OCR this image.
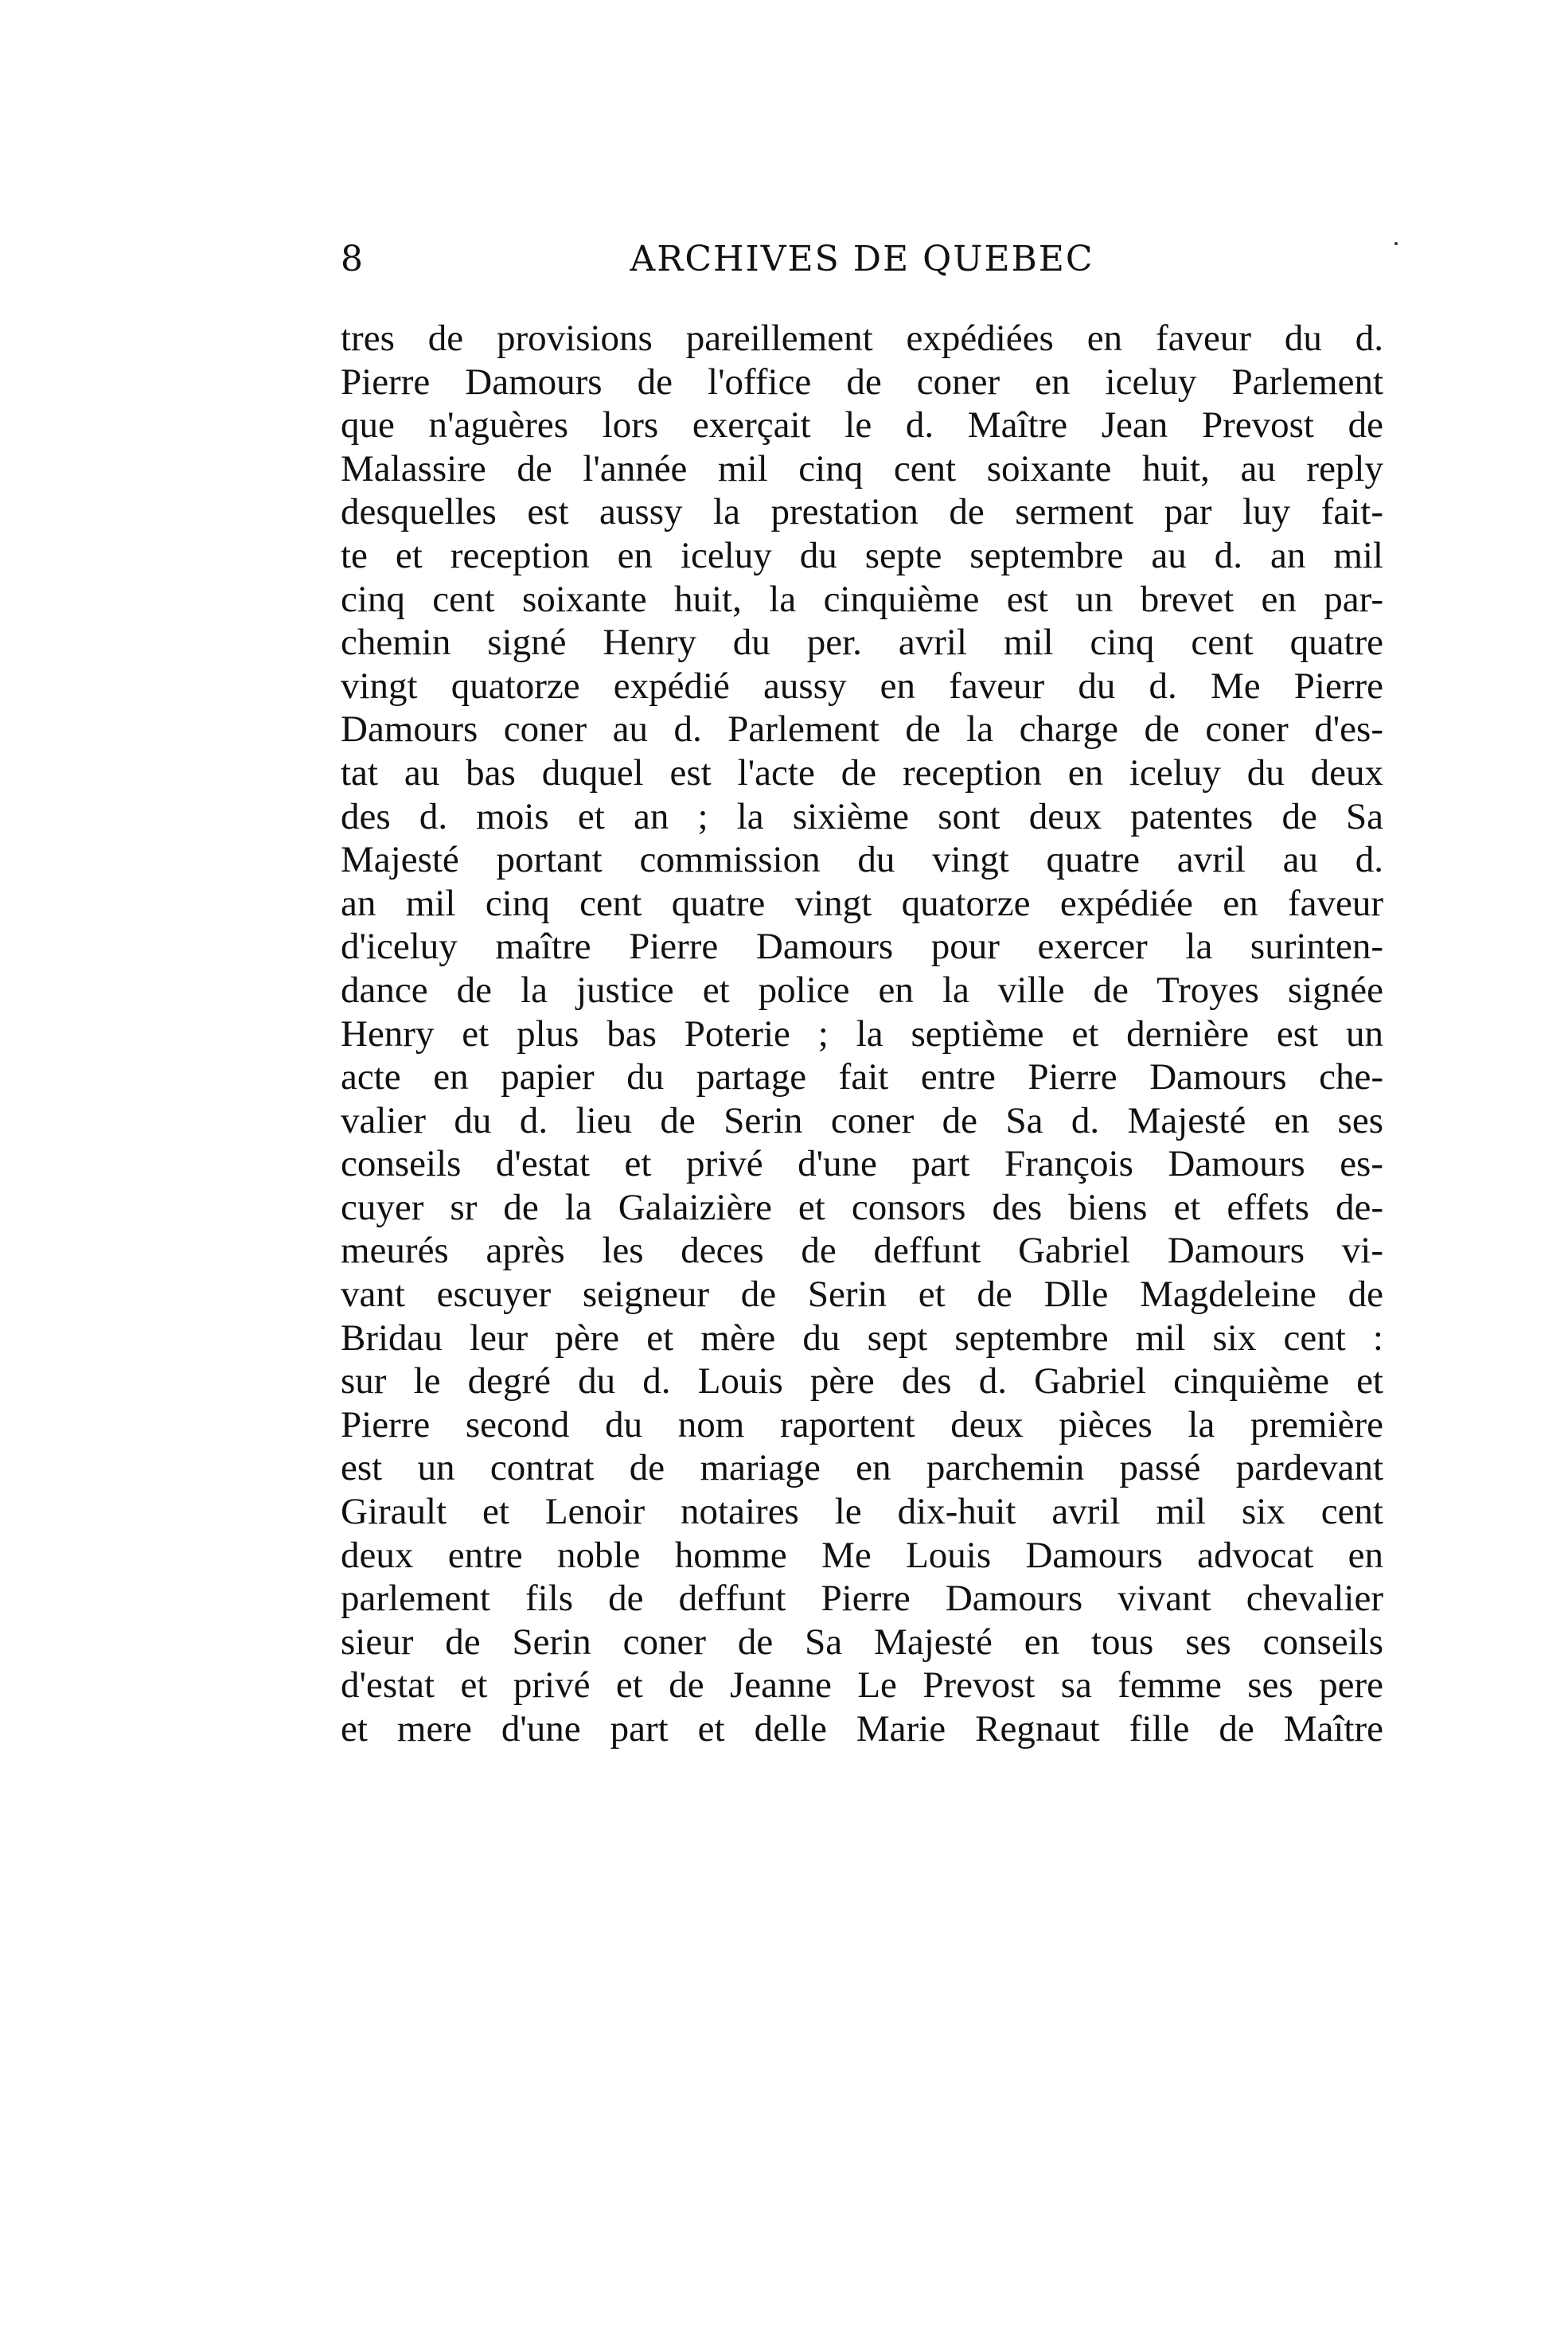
8	ARCHIVES DE QUEBEC
tres de provisions pareillement expédiées en faveur du d.
Pierre Damours de l'office de coner en iceluy Parlement
que n'aguères lors exerçait le d. Maître Jean Prevost de
Malassire de l'année mil cinq cent soixante huit, au reply
desquelles est aussy la prestation de serment par luy fait-
te et reception en iceluy du septe septembre au d. an mil
cinq cent soixante huit, la cinquième est un brevet en par-
chemin signé Henry du per. avril mil cinq cent quatre
vingt quatorze expédié aussy en faveur du d. Me Pierre
Damours coner au d. Parlement de la charge de coner d'es-
tat au bas duquel est l'acte de reception en iceluy du deux
des d. mois et an ; la sixième sont deux patentes de Sa
Majesté portant commission du vingt quatre avril au d.
an mil cinq cent quatre vingt quatorze expédiée en faveur
d'iceluy maître Pierre Damours pour exercer la surinten-
dance de la justice et police en la ville de Troyes signée
Henry et plus bas Poterie ; la septième et dernière est un
acte en papier du partage fait entre Pierre Damours che-
valier du d. lieu de Serin coner de Sa d. Majesté en ses
conseils d'estat et privé d'une part François Damours es-
cuyer sr de la Galaizière et consors des biens et effets de-
meurés après les deces de deffunt Gabriel Damours vi-
vant escuyer seigneur de Serin et de Dlle Magdeleine de
Bridau leur père et mère du sept septembre mil six cent :
sur le degré du d. Louis père des d. Gabriel cinquième et
Pierre second du nom raportent deux pièces la première
est un contrat de mariage en parchemin passé pardevant
Girault et Lenoir notaires le dix-huit avril mil six cent
deux entre noble homme Me Louis Damours advocat en
parlement fils de deffunt Pierre Damours vivant chevalier
sieur de Serin coner de Sa Majesté en tous ses conseils
d'estat et privé et de Jeanne Le Prevost sa femme ses pere
et mere d'une part et delle Marie Regnaut fille de Maître
